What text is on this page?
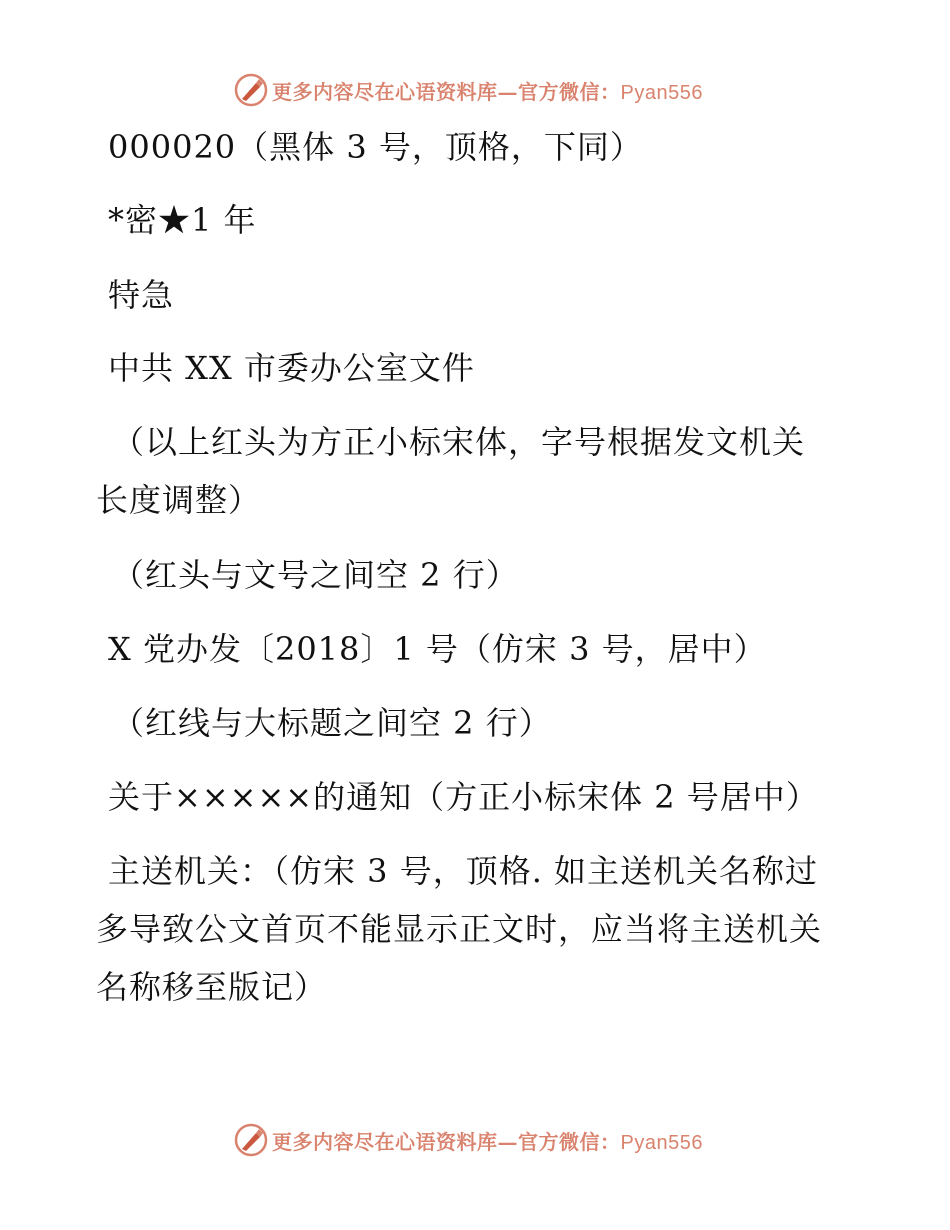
更多内容尽在心语资料库—官方微信：Pyan556
000020（黑体 3 号，顶格，下同）
*密★1 年
特急
中共 XX 市委办公室文件
（以上红头为方正小标宋体，字号根据发文机关
长度调整）
（红头与文号之间空 2 行）
X 党办发〔2018〕1 号（仿宋 3 号，居中）
（红线与大标题之间空 2 行）
关于×××××的通知（方正小标宋体 2 号居中）
主送机关：（仿宋 3 号，顶格. 如主送机关名称过
多导致公文首页不能显示正文时，应当将主送机关
名称移至版记）
更多内容尽在心语资料库—官方微信：Pyan556
